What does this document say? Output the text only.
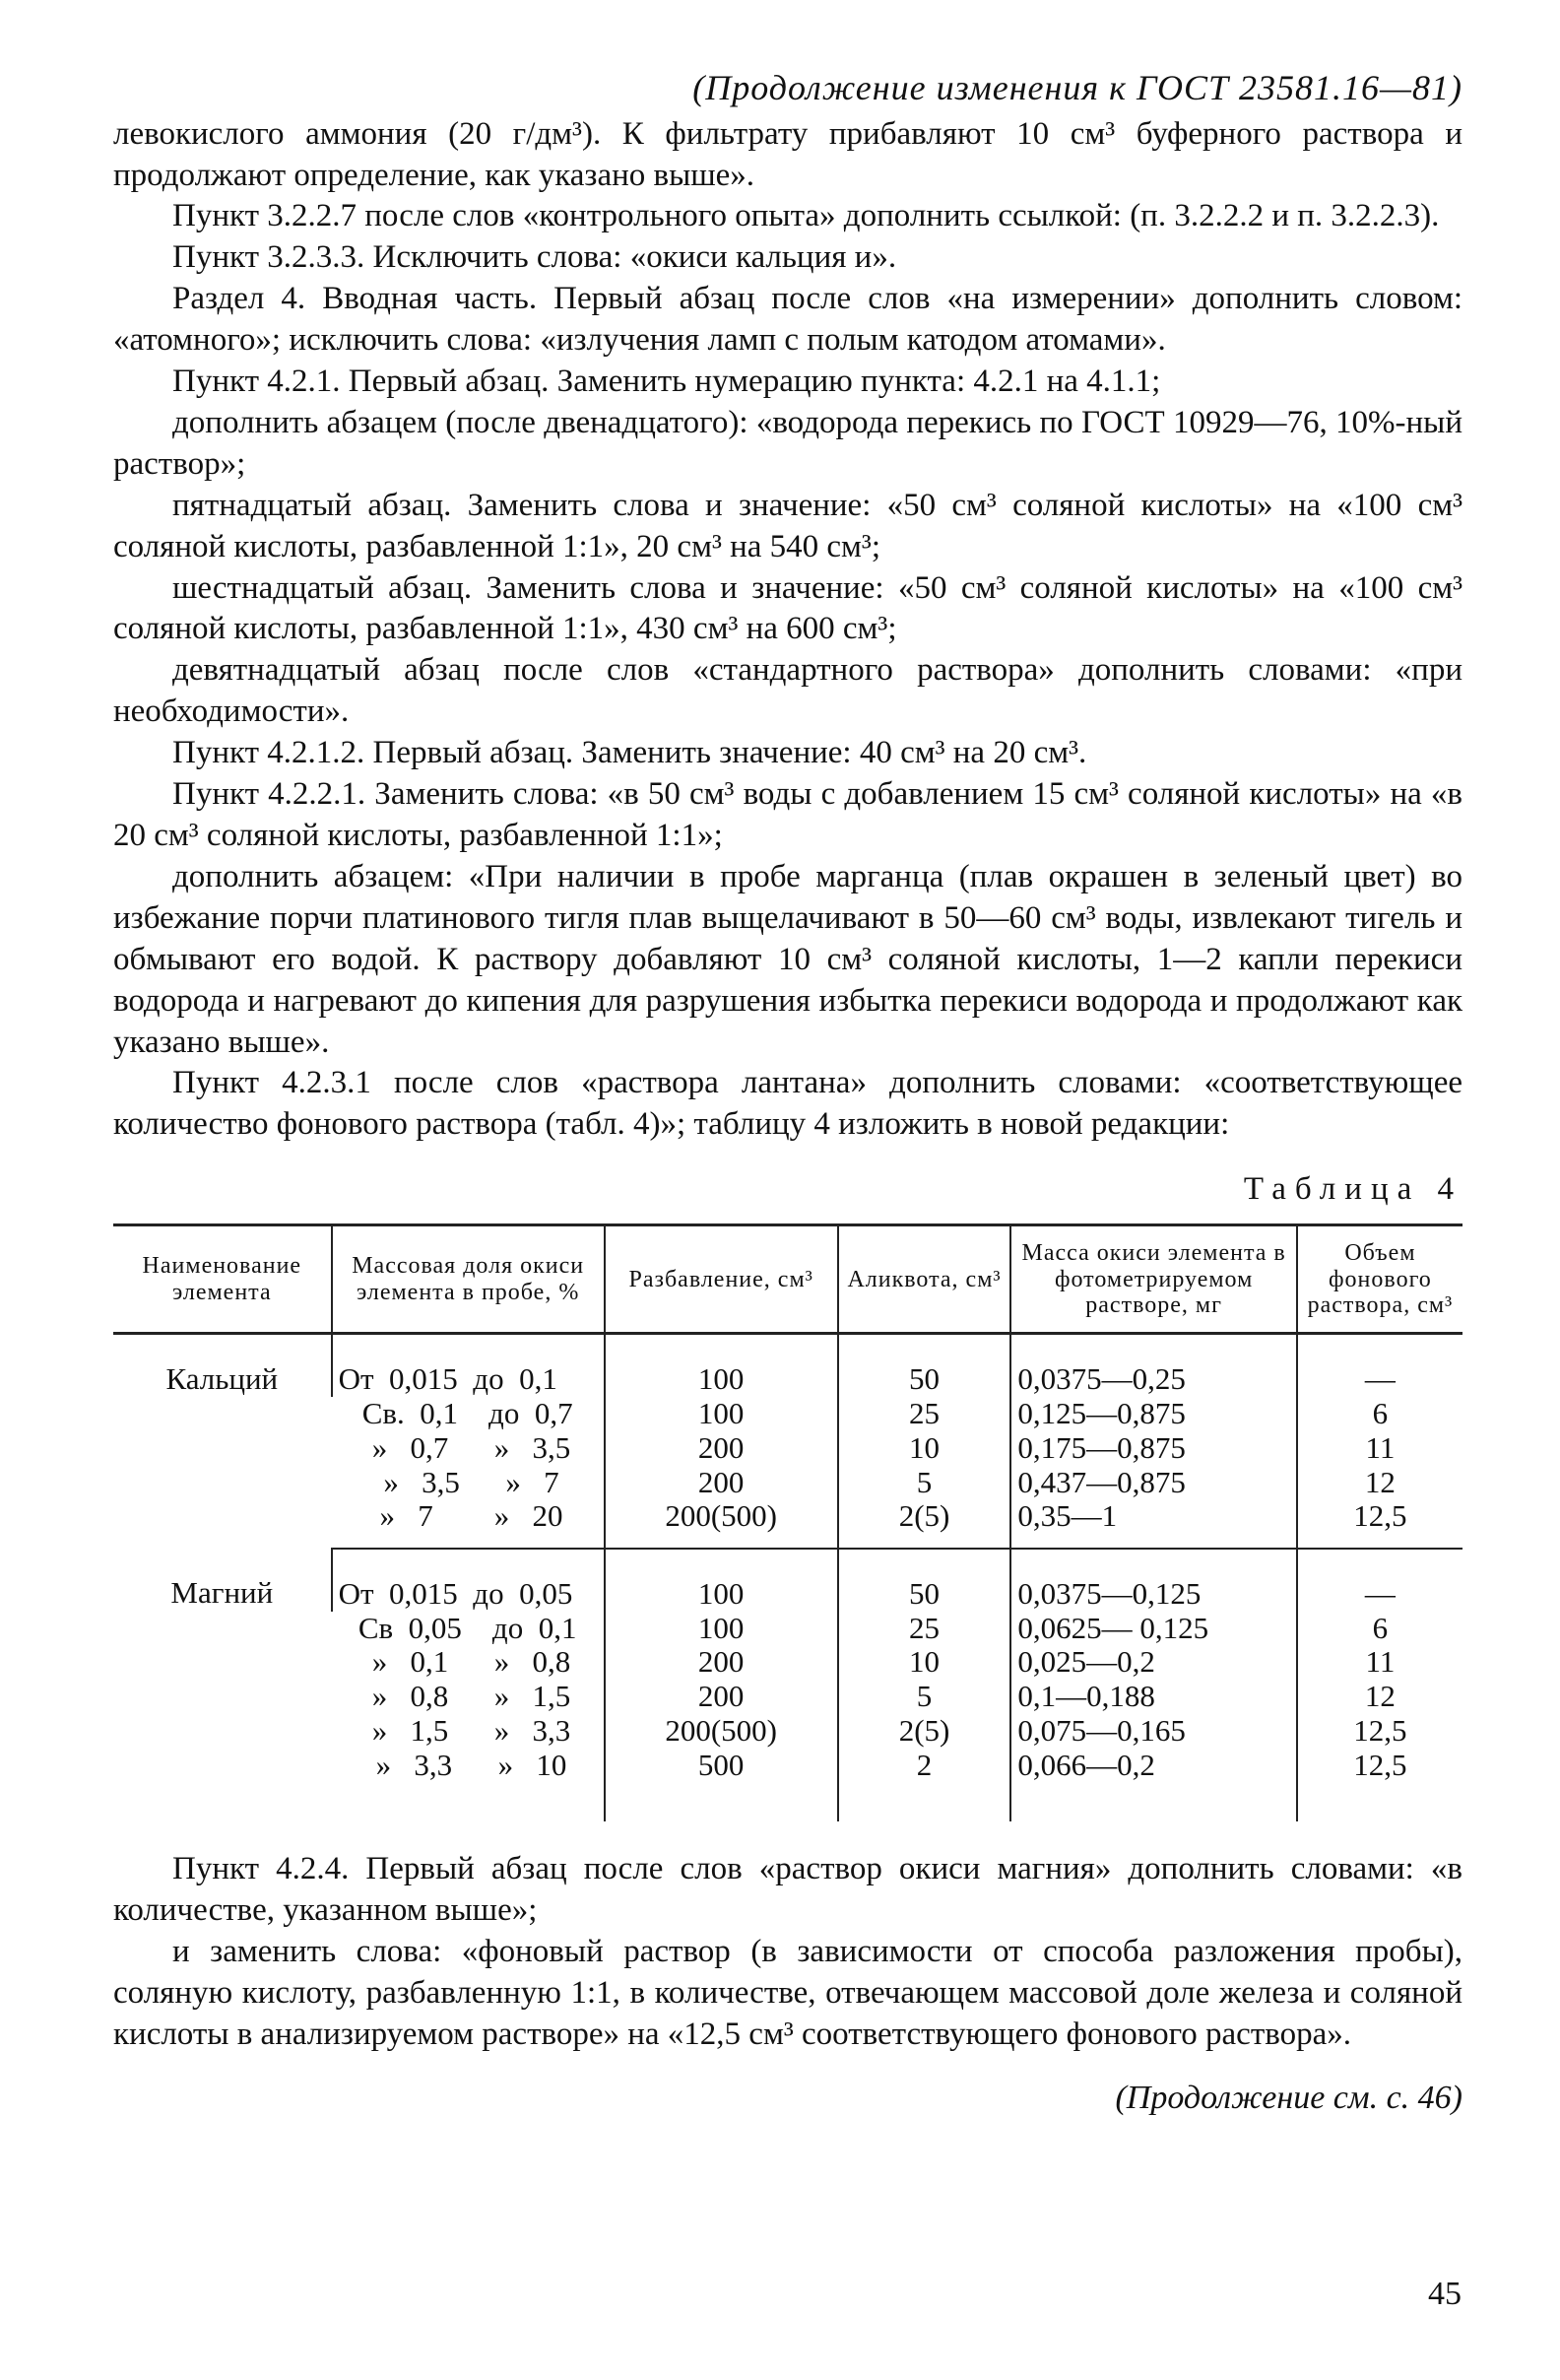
(Продолжение изменения к ГОСТ 23581.16—81)

левокислого аммония (20 г/дм³). К фильтрату прибавляют 10 см³ буферного раствора и продолжают определение, как указано выше».

Пункт 3.2.2.7 после слов «контрольного опыта» дополнить ссылкой: (п. 3.2.2.2 и п. 3.2.2.3).

Пункт 3.2.3.3. Исключить слова: «окиси кальция и».

Раздел 4. Вводная часть. Первый абзац после слов «на измерении» дополнить словом: «атомного»; исключить слова: «излучения ламп с полым катодом атомами».

Пункт 4.2.1. Первый абзац. Заменить нумерацию пункта: 4.2.1 на 4.1.1;

дополнить абзацем (после двенадцатого): «водорода перекись по ГОСТ 10929—76, 10%-ный раствор»;

пятнадцатый абзац. Заменить слова и значение: «50 см³ соляной кислоты» на «100 см³ соляной кислоты, разбавленной 1:1», 20 см³ на 540 см³;

шестнадцатый абзац. Заменить слова и значение: «50 см³ соляной кислоты» на «100 см³ соляной кислоты, разбавленной 1:1», 430 см³ на 600 см³;

девятнадцатый абзац после слов «стандартного раствора» дополнить словами: «при необходимости».

Пункт 4.2.1.2. Первый абзац. Заменить значение: 40 см³ на 20 см³.

Пункт 4.2.2.1. Заменить слова: «в 50 см³ воды с добавлением 15 см³ соляной кислоты» на «в 20 см³ соляной кислоты, разбавленной 1:1»;

дополнить абзацем: «При наличии в пробе марганца (плав окрашен в зеленый цвет) во избежание порчи платинового тигля плав выщелачивают в 50—60 см³ воды, извлекают тигель и обмывают его водой. К раствору добавляют 10 см³ соляной кислоты, 1—2 капли перекиси водорода и нагревают до кипения для разрушения избытка перекиси водорода и продолжают как указано выше».

Пункт 4.2.3.1 после слов «раствора лантана» дополнить словами: «соответствующее количество фонового раствора (табл. 4)»; таблицу 4 изложить в новой редакции:

Таблица 4
Наименование элемента	Массовая доля окиси элемента в пробе, %	Разбавление, см³	Аликвота, см³	Масса окиси элемента в фотометрируемом растворе, мг	Объем фонового раствора, см³
Кальций	От  0,015  до  0,1	100	50	0,0375—0,25	—
	Св.  0,1    до  0,7	100	25	0,125—0,875	6
	»   0,7      »   3,5	200	10	0,175—0,875	11
	»   3,5      »   7	200	5	0,437—0,875	12
	»   7        »   20	200(500)	2(5)	0,35—1	12,5
Магний	От  0,015  до  0,05	100	50	0,0375—0,125	—
	Св  0,05    до  0,1	100	25	0,0625— 0,125	6
	»   0,1      »   0,8	200	10	0,025—0,2	11
	»   0,8      »   1,5	200	5	0,1—0,188	12
	»   1,5      »   3,3	200(500)	2(5)	0,075—0,165	12,5
	»   3,3      »   10	500	2	0,066—0,2	12,5

Пункт 4.2.4. Первый абзац после слов «раствор окиси магния» дополнить словами: «в количестве, указанном выше»;

и заменить слова: «фоновый раствор (в зависимости от способа разложения пробы), соляную кислоту, разбавленную 1:1, в количестве, отвечающем массовой доле железа и соляной кислоты в анализируемом растворе» на «12,5 см³ соответствующего фонового раствора».

(Продолжение см. с. 46)
45
